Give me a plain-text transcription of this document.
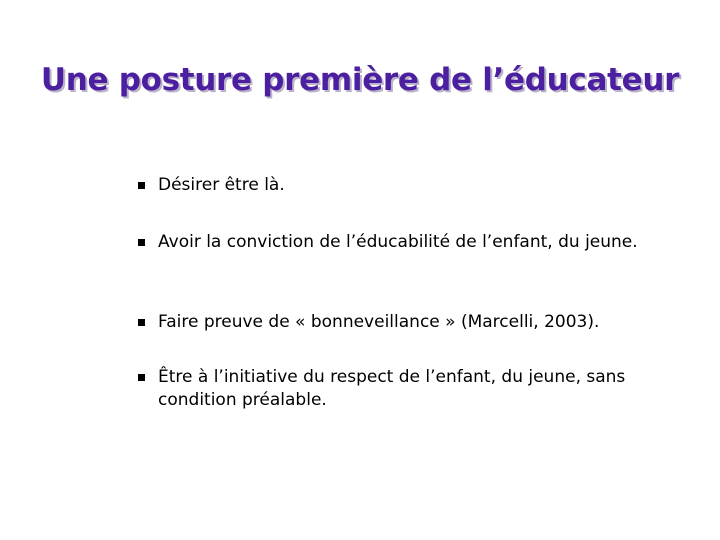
Une posture première de l’éducateur
Désirer être là.
Avoir la conviction de l’éducabilité de l’enfant, du jeune.
Faire preuve de « bonneveillance » (Marcelli, 2003).
Être à l’initiative du respect de l’enfant, du jeune, sans condition préalable.
